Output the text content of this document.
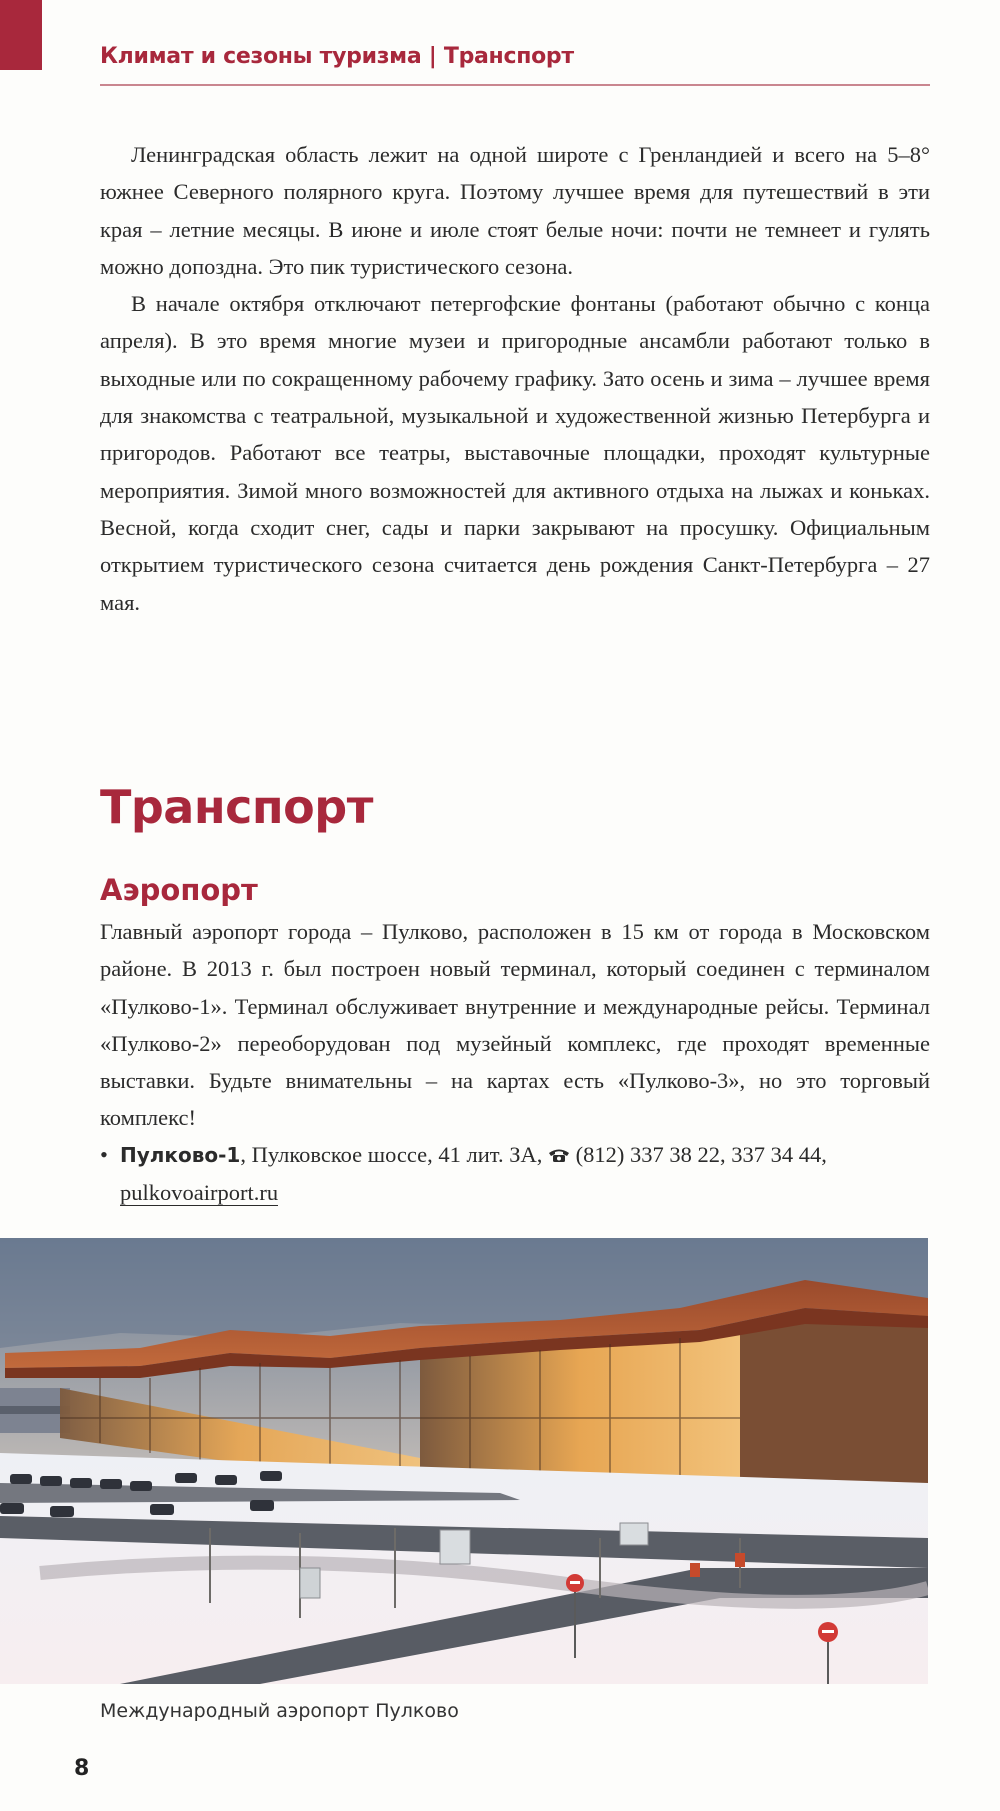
Климат и сезоны туризма | Транспорт

Ленинградская область лежит на одной широте с Гренландией и всего на 5–8° южнее Северного полярного круга. Поэтому лучшее время для путешествий в эти края – летние месяцы. В июне и июле стоят белые ночи: почти не темнеет и гулять можно допоздна. Это пик туристического сезона.

В начале октября отключают петергофские фонтаны (работают обычно с конца апреля). В это время многие музеи и пригородные ансамбли работают только в выходные или по сокращенному рабочему графику. Зато осень и зима – лучшее время для знакомства с театральной, музыкальной и художественной жизнью Петербурга и пригородов. Работают все театры, выставочные площадки, проходят культурные мероприятия. Зимой много возможностей для активного отдыха на лыжах и коньках. Весной, когда сходит снег, сады и парки закрывают на просушку. Официальным открытием туристического сезона считается день рождения Санкт-Петербурга – 27 мая.

Транспорт
Аэропорт

Главный аэропорт города – Пулково, расположен в 15 км от города в Московском районе. В 2013 г. был построен новый терминал, который соединен с терминалом «Пулково-1». Терминал обслуживает внутренние и международные рейсы. Терминал «Пулково-2» переоборудован под музейный комплекс, где проходят временные выставки. Будьте внимательны – на картах есть «Пулково-3», но это торговый комплекс!

• Пулково-1, Пулковское шоссе, 41 лит. ЗА,  (812) 337 38 22, 337 34 44,
pulkovoairport.ru
Международный аэропорт Пулково
8
